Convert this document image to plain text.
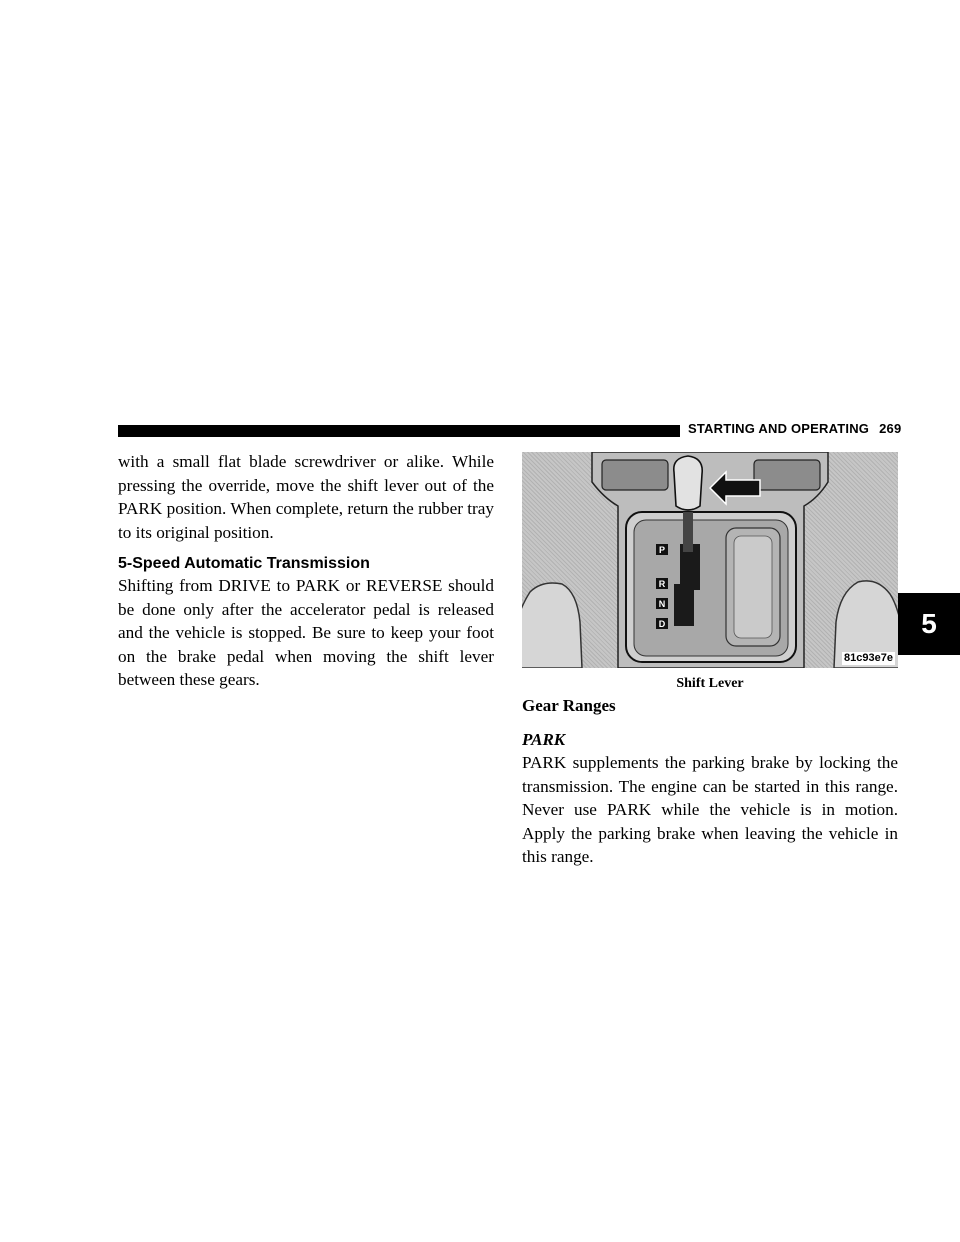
STARTING AND OPERATING 269

with a small flat blade screwdriver or alike. While pressing the override, move the shift lever out of the PARK position. When complete, return the rubber tray to its original position.

5-Speed Automatic Transmission

Shifting from DRIVE to PARK or REVERSE should be done only after the accelerator pedal is released and the vehicle is stopped. Be sure to keep your foot on the brake pedal when moving the shift lever between these gears.

P
R
N
D
81c93e7e
Shift Lever
Gear Ranges
PARK

PARK supplements the parking brake by locking the transmission. The engine can be started in this range. Never use PARK while the vehicle is in motion. Apply the parking brake when leaving the vehicle in this range.

5
